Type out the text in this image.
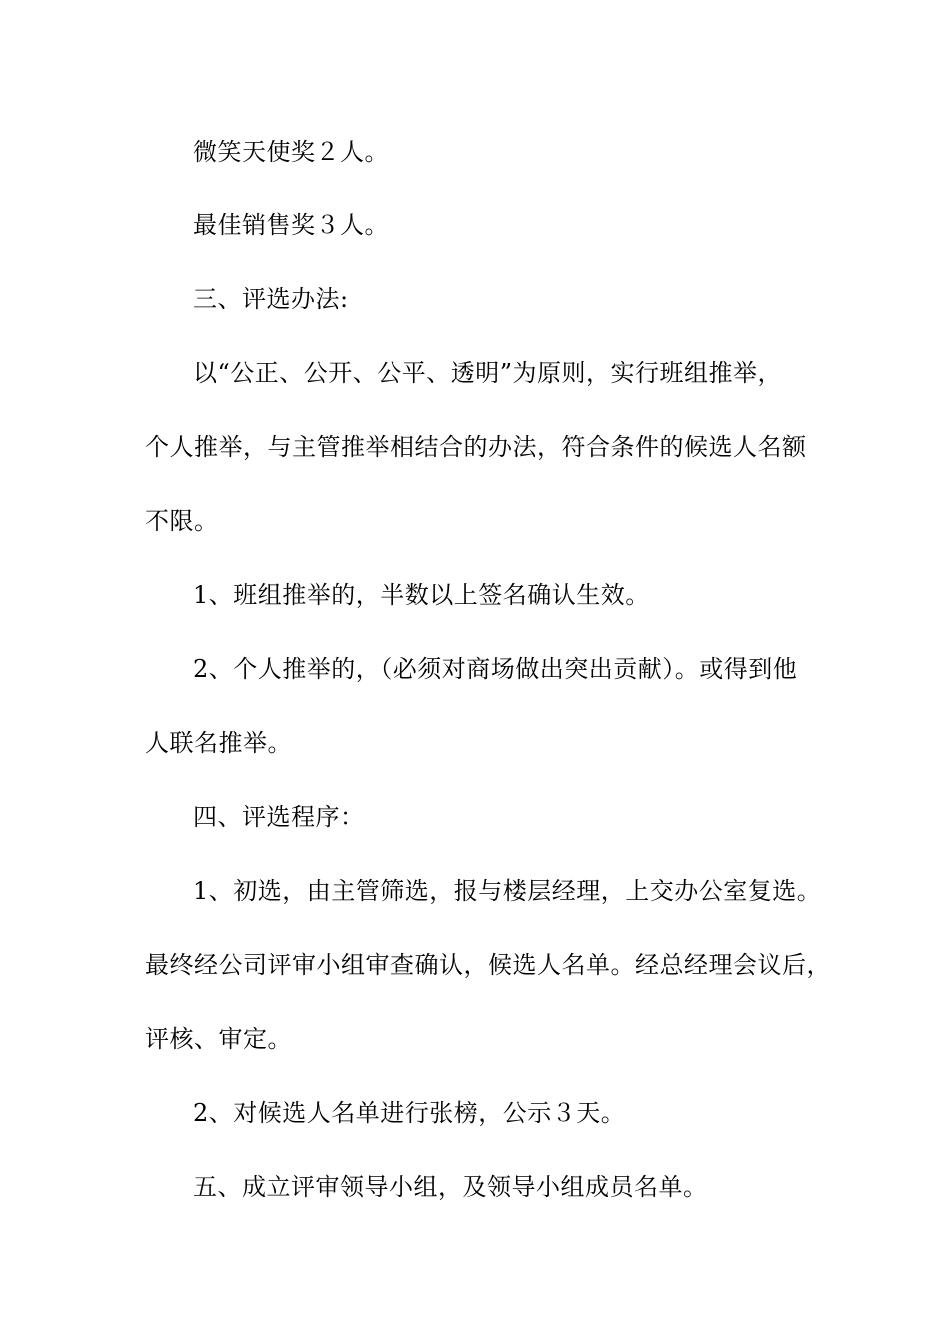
微笑天使奖２人。
最佳销售奖３人。
三、评选办法:
以“公正、公开、公平、透明”为原则，实行班组推举，
个人推举，与主管推举相结合的办法，符合条件的候选人名额
不限。
1、班组推举的，半数以上签名确认生效。
2、个人推举的，（必须对商场做出突出贡献）。或得到他
人联名推举。
四、评选程序：
1、初选，由主管筛选，报与楼层经理，上交办公室复选。
最终经公司评审小组审查确认，候选人名单。经总经理会议后，
评核、审定。
2、对候选人名单进行张榜，公示３天。
五、成立评审领导小组，及领导小组成员名单。
